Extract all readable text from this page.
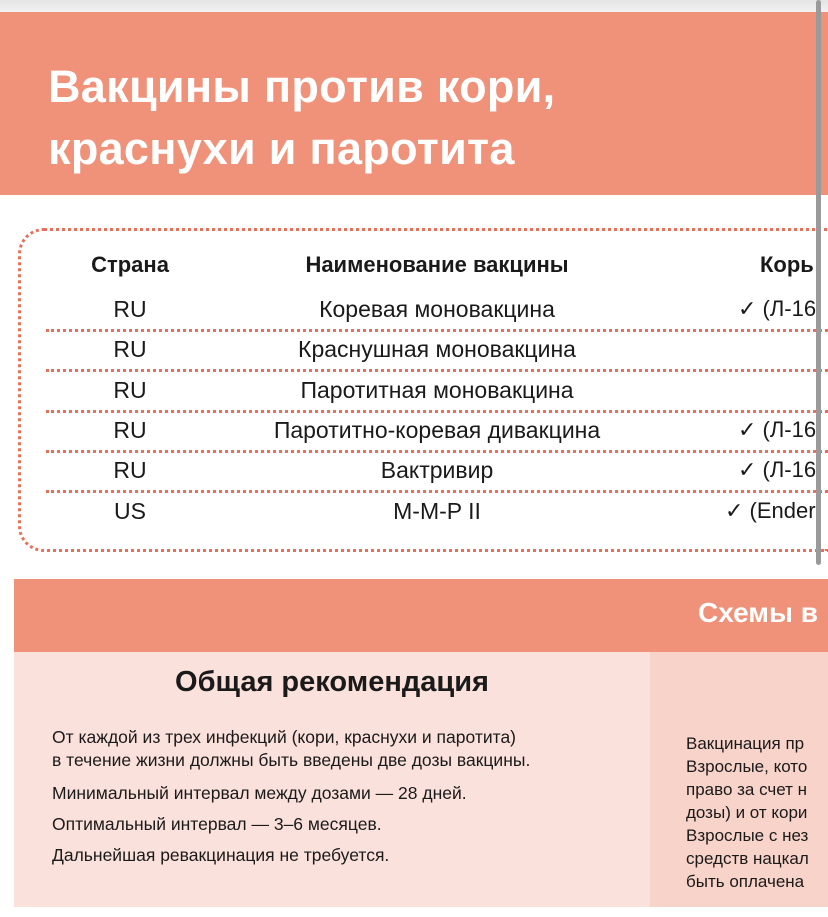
Вакцины против кори, краснухи и паротита
Страна	Наименование вакцины	Корь
RU	Коревая моновакцина	✓ (Л-16
RU	Краснушная моновакцина
RU	Паротитная моновакцина
RU	Паротитно-коревая дивакцина	✓ (Л-16
RU	Вактривир	✓ (Л-16
US	M-M-P II	✓ (Ender
Схемы в
Общая рекомендация

От каждой из трех инфекций (кори, краснухи и паротита)
в течение жизни должны быть введены две дозы вакцины.

Минимальный интервал между дозами — 28 дней.

Оптимальный интервал — 3–6 месяцев.

Дальнейшая ревакцинация не требуется.

Вакцинация пр
Взрослые, кото
право за счет н
дозы) и от кори
Взрослые с нез
средств нацкал
быть оплачена
